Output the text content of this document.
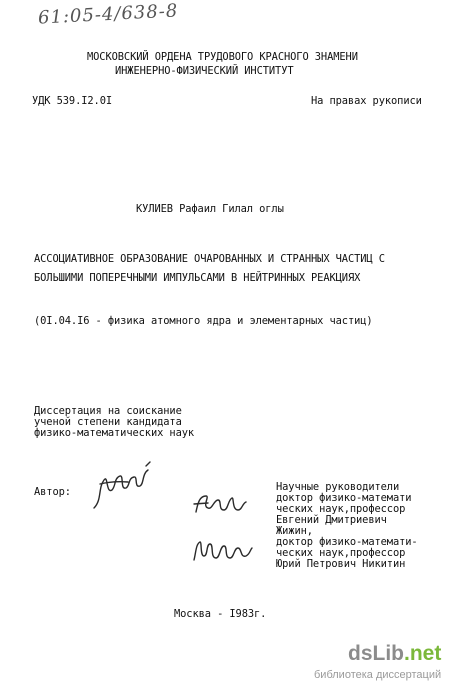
61:05-4/638-8
МОСКОВСКИЙ ОРДЕНА ТРУДОВОГО КРАСНОГО ЗНАМЕНИ
ИНЖЕНЕРНО-ФИЗИЧЕСКИЙ ИНСТИТУТ
УДК 539.I2.0I	На правах рукописи
КУЛИЕВ Рафаил Гилал оглы
АССОЦИАТИВНОЕ ОБРАЗОВАНИЕ ОЧАРОВАННЫХ И СТРАННЫХ ЧАСТИЦ С
БОЛЬШИМИ ПОПЕРЕЧНЫМИ ИМПУЛЬСАМИ В НЕЙТРИННЫХ РЕАКЦИЯХ
(0I.04.I6 - физика атомного ядра и элементарных частиц)
Диссертация на соискание
ученой степени кандидата
физико-математических наук
Автор:	Научные руководители
доктор физико-математи
ческих наук,профессор
Евгений Дмитриевич
Жижин,
доктор физико-математи-
ческих наук,профессор
Юрий Петрович Никитин
Москва - I983г.
dsLib.net
библиотека диссертаций
